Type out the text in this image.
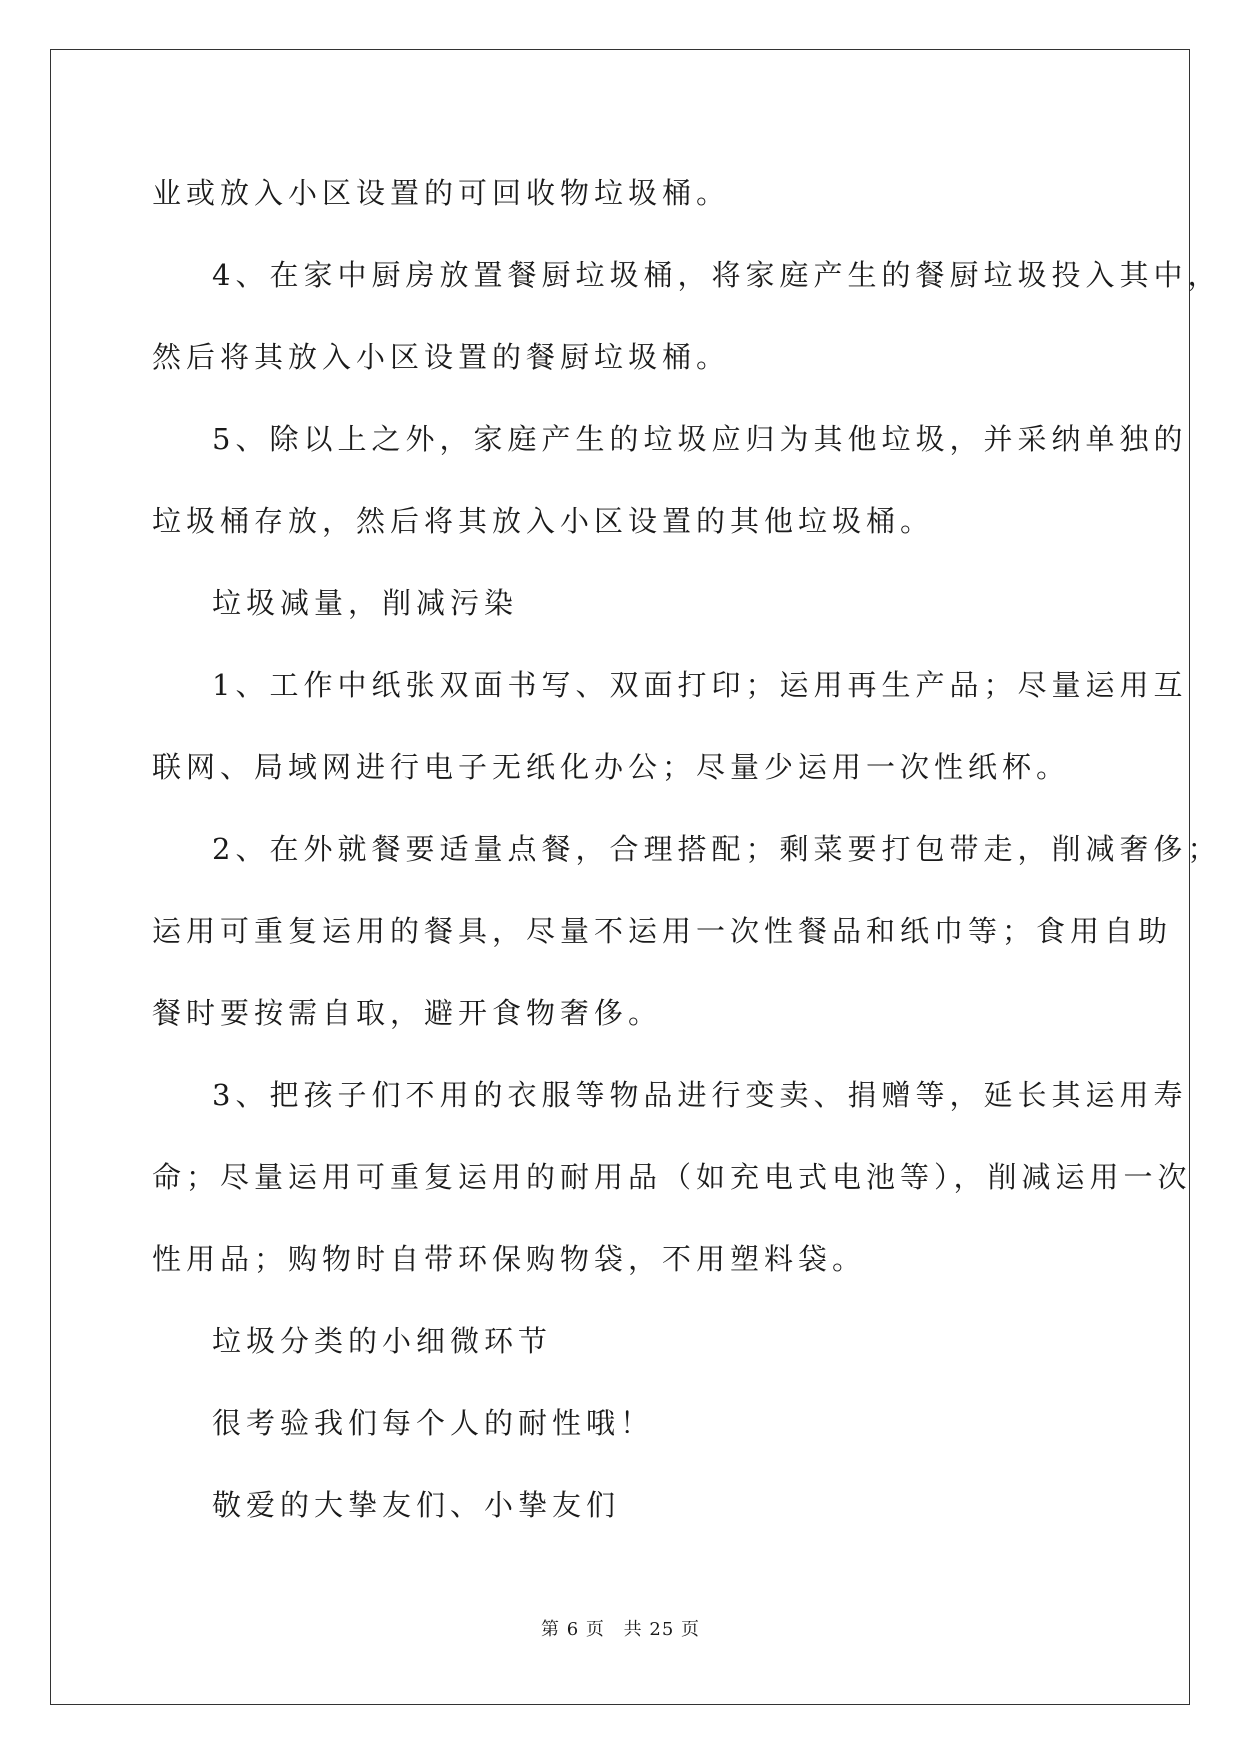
业或放入小区设置的可回收物垃圾桶。
4、在家中厨房放置餐厨垃圾桶，将家庭产生的餐厨垃圾投入其中，
然后将其放入小区设置的餐厨垃圾桶。
5、除以上之外，家庭产生的垃圾应归为其他垃圾，并采纳单独的
垃圾桶存放，然后将其放入小区设置的其他垃圾桶。
垃圾减量，削减污染
1、工作中纸张双面书写、双面打印；运用再生产品；尽量运用互
联网、局域网进行电子无纸化办公；尽量少运用一次性纸杯。
2、在外就餐要适量点餐，合理搭配；剩菜要打包带走，削减奢侈；
运用可重复运用的餐具，尽量不运用一次性餐品和纸巾等；食用自助
餐时要按需自取，避开食物奢侈。
3、把孩子们不用的衣服等物品进行变卖、捐赠等，延长其运用寿
命；尽量运用可重复运用的耐用品（如充电式电池等），削减运用一次
性用品；购物时自带环保购物袋，不用塑料袋。
垃圾分类的小细微环节
很考验我们每个人的耐性哦！
敬爱的大挚友们、小挚友们
第 6 页 共 25 页
